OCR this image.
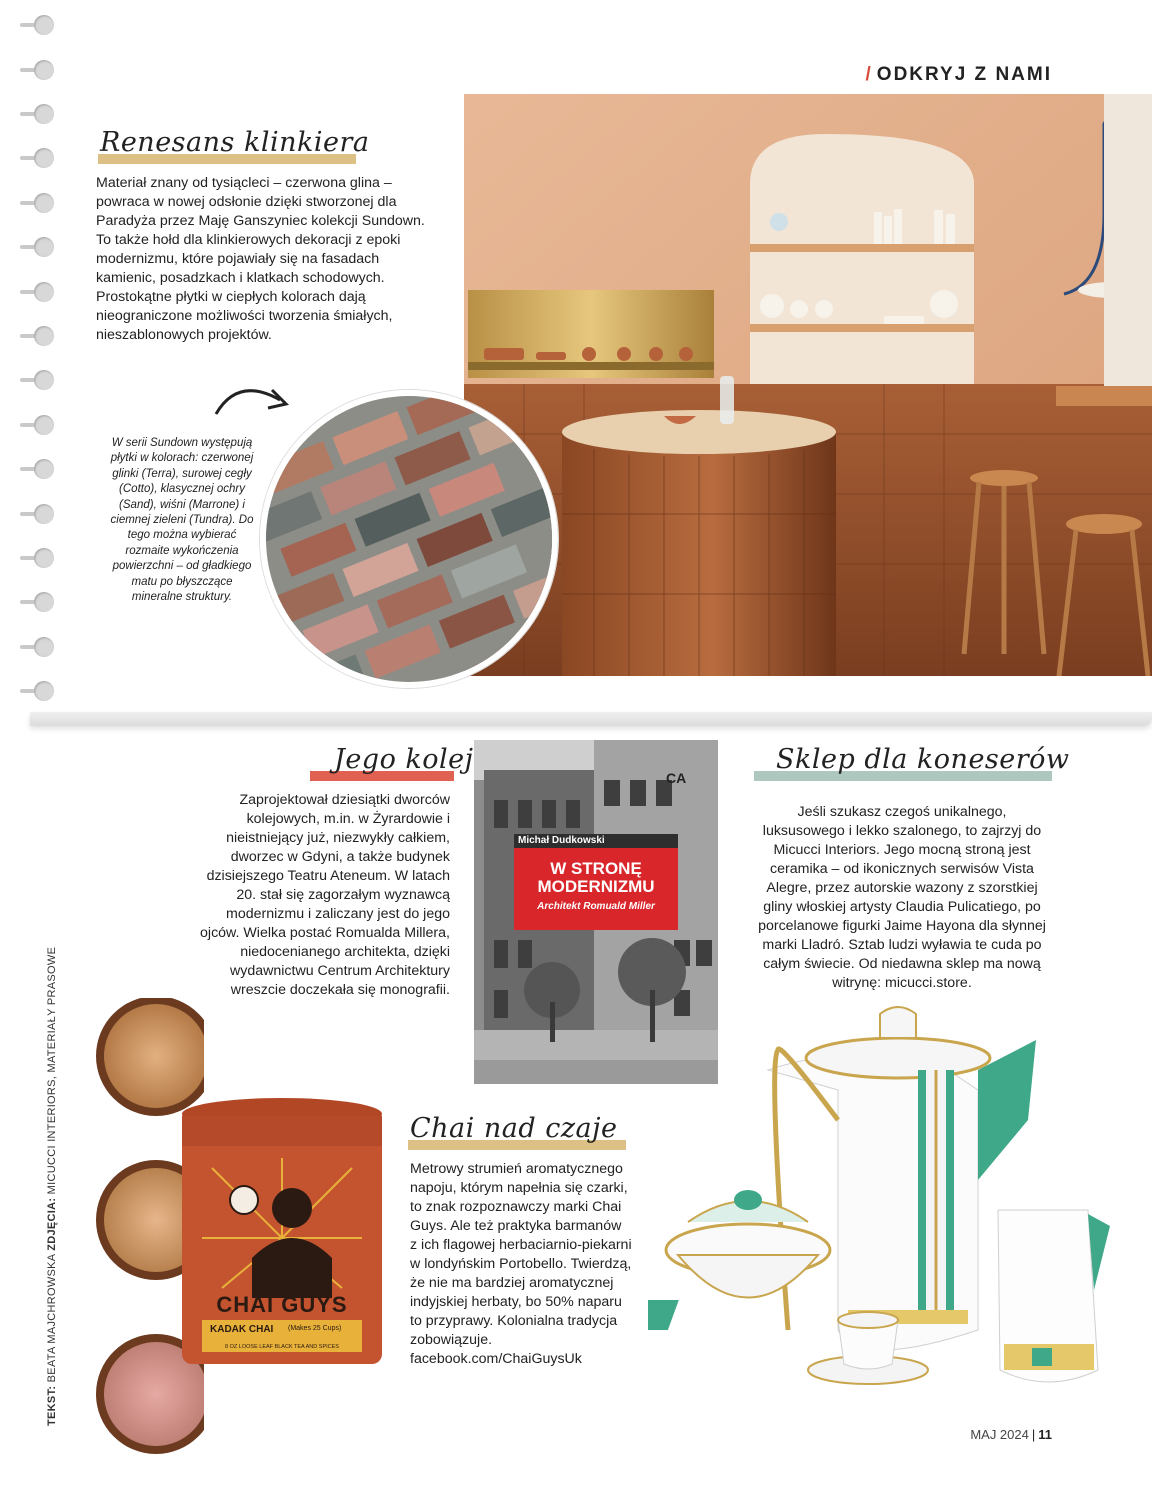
/ ODKRYJ Z NAMI
Renesans klinkiera
Materiał znany od tysiącleci – czerwona glina – powraca w nowej odsłonie dzięki stworzonej dla Paradyża przez Maję Ganszyniec kolekcji Sundown. To także hołd dla klinkierowych dekoracji z epoki modernizmu, które pojawiały się na fasadach kamienic, posadzkach i klatkach schodowych. Prostokątne płytki w ciepłych kolorach dają nieograniczone możliwości tworzenia śmiałych, nieszablonowych projektów.
W serii Sundown występują płytki w kolorach: czerwonej glinki (Terra), surowej cegły (Cotto), klasycznej ochry (Sand), wiśni (Marrone) i ciemnej zieleni (Tundra). Do tego można wybierać rozmaite wykończenia powierzchni – od gładkiego matu po błyszczące mineralne struktury.
Jego kolej
Zaprojektował dziesiątki dworców kolejowych, m.in. w Żyrardowie i nieistniejący już, niezwykły całkiem, dworzec w Gdyni, a także budynek dzisiejszego Teatru Ateneum. W latach 20. stał się zagorzałym wyznawcą modernizmu i zaliczany jest do jego ojców. Wielka postać Romualda Millera, niedocenianego architekta, dzięki wydawnictwu Centrum Architektury wreszcie doczekała się monografii.
CA
Michał Dudkowski
W STRONĘ
MODERNIZMU
Architekt Romuald Miller
Sklep dla koneserów
Jeśli szukasz czegoś unikalnego, luksusowego i lekko szalonego, to zajrzyj do Micucci Interiors. Jego mocną stroną jest ceramika – od ikonicznych serwisów Vista Alegre, przez autorskie wazony z szorstkiej gliny włoskiej artysty Claudia Pulicatiego, po porcelanowe figurki Jaime Hayona dla słynnej marki Lladró. Sztab ludzi wyławia te cuda po całym świecie. Od niedawna sklep ma nową witrynę: micucci.store.
Chai nad czaje
Metrowy strumień aromatycznego napoju, którym napełnia się czarki, to znak rozpoznawczy marki Chai Guys. Ale też praktyka barmanów z ich flagowej herbaciarnio-piekarni w londyńskim Portobello. Twierdzą, że nie ma bardziej aromatycznej indyjskiej herbaty, bo 50% naparu to przyprawy. Kolonialna tradycja zobowiązuje. facebook.com/ChaiGuysUk
CHAI GUYS
KADAK CHAI (Makes 25 Cups)
8 OZ LOOSE LEAF BLACK TEA AND SPICES
TEKST: BEATA MAJCHROWSKA ZDJĘCIA: MICUCCI INTERIORS, MATERIAŁY PRASOWE
MAJ 2024 | 11
